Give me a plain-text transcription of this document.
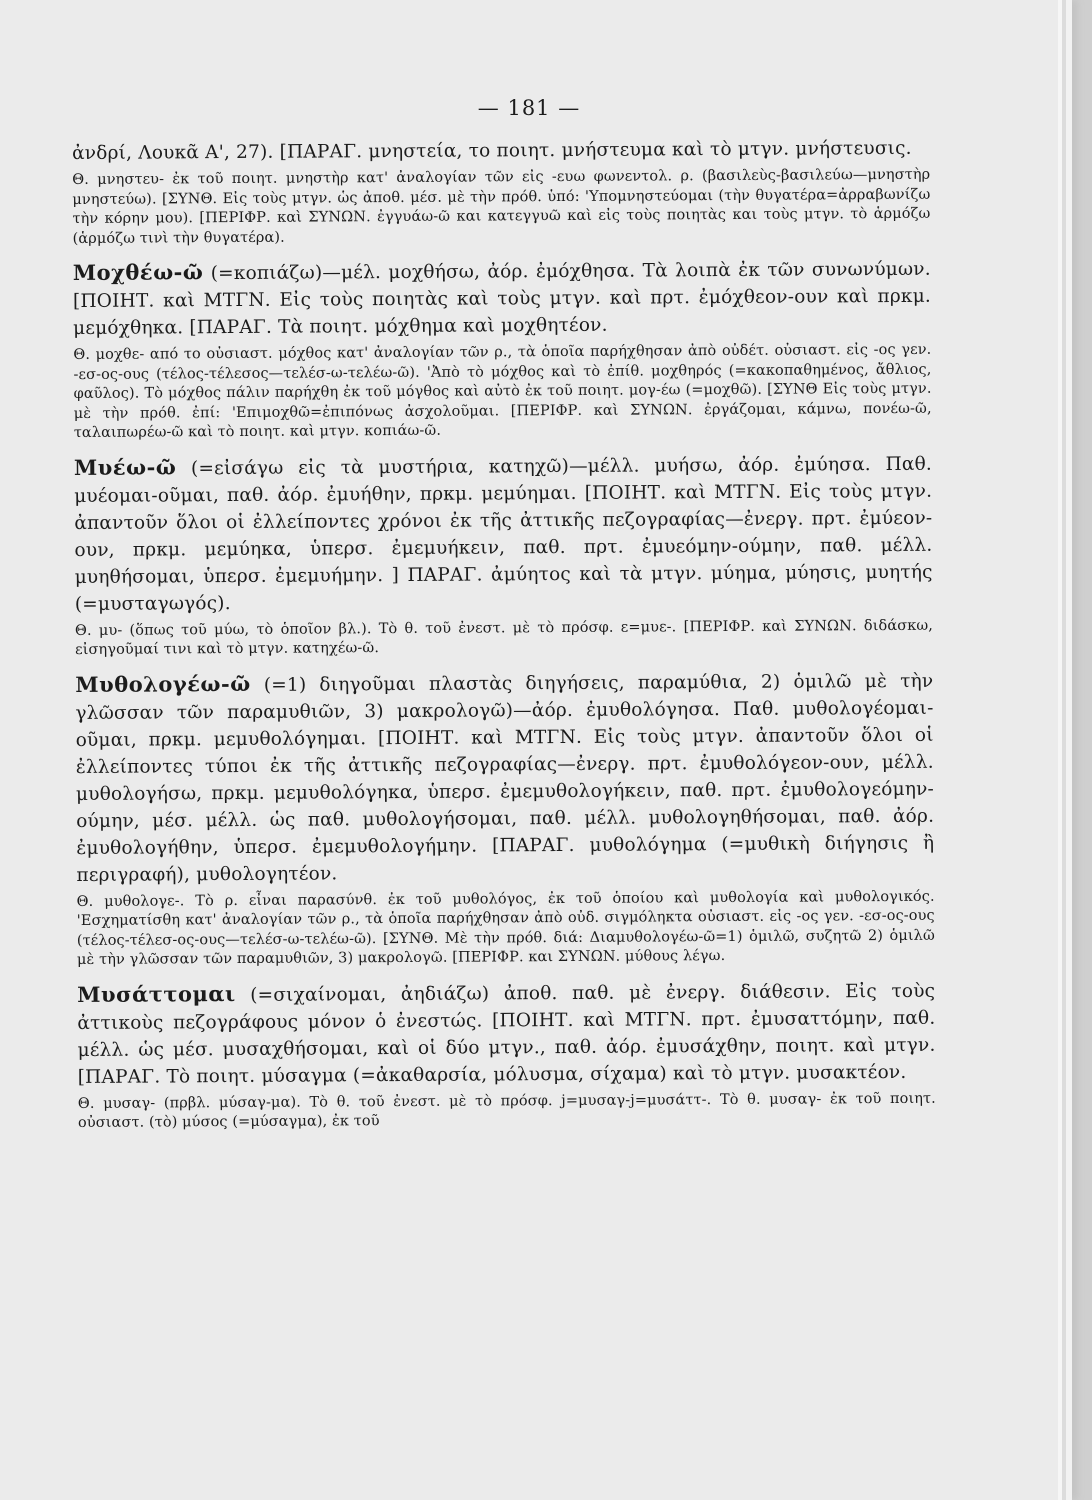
— 181 —
ἀνδρί, Λουκᾶ Α', 27). [ΠΑΡΑΓ. μνηστεία, το ποιητ. μνήστευμα καὶ τὸ μτγν. μνήστευσις.
Θ. μνηστευ- ἐκ τοῦ ποιητ. μνηστὴρ κατ' ἀναλογίαν τῶν εἰς -ευω φωνεντολ. ρ. (βασιλεὺς-βασιλεύω—μνηστὴρ μνηστεύω). [ΣΥΝΘ. Εἰς τοὺς μτγν. ὡς ἀποθ. μέσ. μὲ τὴν πρόθ. ὑπό: 'Υπομνηστεύομαι (τὴν θυγατέρα=ἀρραβωνίζω τὴν κόρην μου). [ΠΕΡΙΦΡ. καὶ ΣΥΝΩΝ. ἐγγυάω-ῶ και κατεγγυῶ καὶ εἰς τοὺς ποιητὰς και τοὺς μτγν. τὸ ἁρμόζω (ἁρμόζω τινὶ τὴν θυγατέρα).
Μοχθέω-ῶ (=κοπιάζω)—μέλ. μοχθήσω, ἀόρ. ἐμόχθησα. Τὰ λοιπὰ ἐκ τῶν συνωνύμων. [ΠΟΙΗΤ. καὶ ΜΤΓΝ. Εἰς τοὺς ποιητὰς καὶ τοὺς μτγν. καὶ πρτ. ἐμόχθεον-ουν καὶ πρκμ. μεμόχθηκα. [ΠΑΡΑΓ. Τὰ ποιητ. μόχθημα καὶ μοχθητέον.
Θ. μοχθε- από το οὐσιαστ. μόχθος κατ' ἀναλογίαν τῶν ρ., τὰ ὁποῖα παρήχθησαν ἀπὸ οὐδέτ. οὐσιαστ. εἰς -ος γεν. -εσ-ος-ους (τέλος-τέλεσος—τελέσ-ω-τελέω-ῶ). 'Ἀπὸ τὸ μόχθος καὶ τὸ ἐπίθ. μοχθηρός (=κακοπαθημένος, ἄθλιος, φαῦλος). Τὸ μόχθος πάλιν παρήχθη ἐκ τοῦ μόγθος καὶ αὐτὸ ἐκ τοῦ ποιητ. μογ-έω (=μοχθῶ). [ΣΥΝΘ Εἰς τοὺς μτγν. μὲ τὴν πρόθ. ἐπί: 'Επιμοχθῶ=ἐπιπόνως ἀσχολοῦμαι. [ΠΕΡΙΦΡ. καὶ ΣΥΝΩΝ. ἐργάζομαι, κάμνω, πονέω-ῶ, ταλαιπωρέω-ῶ καὶ τὸ ποιητ. καὶ μτγν. κοπιάω-ῶ.
Μυέω-ῶ (=εἰσάγω εἰς τὰ μυστήρια, κατηχῶ)—μέλλ. μυήσω, ἀόρ. ἐμύησα. Παθ. μυέομαι-οῦμαι, παθ. ἀόρ. ἐμυήθην, πρκμ. μεμύημαι. [ΠΟΙΗΤ. καὶ ΜΤΓΝ. Εἰς τοὺς μτγν. ἀπαντοῦν ὅλοι οἱ ἐλλείποντες χρόνοι ἐκ τῆς ἀττικῆς πεζογραφίας—ἐνεργ. πρτ. ἐμύεον-ουν, πρκμ. μεμύηκα, ὑπερσ. ἐμεμυήκειν, παθ. πρτ. ἐμυεόμην-ούμην, παθ. μέλλ. μυηθήσομαι, ὑπερσ. ἐμεμυήμην. ] ΠΑΡΑΓ. ἀμύητος καὶ τὰ μτγν. μύημα, μύησις, μυητής (=μυσταγωγός).
Θ. μυ- (ὅπως τοῦ μύω, τὸ ὁποῖον βλ.). Τὸ θ. τοῦ ἐνεστ. μὲ τὸ πρόσφ. ε=μυε-. [ΠΕΡΙΦΡ. καὶ ΣΥΝΩΝ. διδάσκω, εἰσηγοῦμαί τινι καὶ τὸ μτγν. κατηχέω-ῶ.
Μυθολογέω-ῶ (=1) διηγοῦμαι πλαστὰς διηγήσεις, παραμύθια, 2) ὁμιλῶ μὲ τὴν γλῶσσαν τῶν παραμυθιῶν, 3) μακρολογῶ)—ἀόρ. ἐμυθολόγησα. Παθ. μυθολογέομαι-οῦμαι, πρκμ. μεμυθολόγημαι. [ΠΟΙΗΤ. καὶ ΜΤΓΝ. Εἰς τοὺς μτγν. ἀπαντοῦν ὅλοι οἱ ἐλλείποντες τύποι ἐκ τῆς ἀττικῆς πεζογραφίας—ἐνεργ. πρτ. ἐμυθολόγεον-ουν, μέλλ. μυθολογήσω, πρκμ. μεμυθολόγηκα, ὑπερσ. ἐμεμυθολογήκειν, παθ. πρτ. ἐμυθολογεόμην-ούμην, μέσ. μέλλ. ὡς παθ. μυθολογήσομαι, παθ. μέλλ. μυθολογηθήσομαι, παθ. ἀόρ. ἐμυθολογήθην, ὑπερσ. ἐμεμυθολογήμην. [ΠΑΡΑΓ. μυθολόγημα (=μυθικὴ διήγησις ἢ περιγραφή), μυθολογητέον.
Θ. μυθολογε-. Τὸ ρ. εἶναι παρασύνθ. ἐκ τοῦ μυθολόγος, ἐκ τοῦ ὁποίου καὶ μυθολογία καὶ μυθολογικός. 'Εσχηματίσθη κατ' ἀναλογίαν τῶν ρ., τὰ ὁποῖα παρήχθησαν ἀπὸ οὐδ. σιγμόληκτα οὐσιαστ. εἰς -ος γεν. -εσ-ος-ους (τέλος-τέλεσ-ος-ους—τελέσ-ω-τελέω-ῶ). [ΣΥΝΘ. Μὲ τὴν πρόθ. διά: Διαμυθολογέω-ῶ=1) ὁμιλῶ, συζητῶ 2) ὁμιλῶ μὲ τὴν γλῶσσαν τῶν παραμυθιῶν, 3) μακρολογῶ. [ΠΕΡΙΦΡ. και ΣΥΝΩΝ. μύθους λέγω.
Μυσάττομαι (=σιχαίνομαι, ἀηδιάζω) ἀποθ. παθ. μὲ ἐνεργ. διάθεσιν. Εἰς τοὺς ἀττικοὺς πεζογράφους μόνον ὁ ἐνεστώς. [ΠΟΙΗΤ. καὶ ΜΤΓΝ. πρτ. ἐμυσαττόμην, παθ. μέλλ. ὡς μέσ. μυσαχθήσομαι, καὶ οἱ δύο μτγν., παθ. ἀόρ. ἐμυσάχθην, ποιητ. καὶ μτγν. [ΠΑΡΑΓ. Τὸ ποιητ. μύσαγμα (=ἀκαθαρσία, μόλυσμα, σίχαμα) καὶ τὸ μτγν. μυσακτέον.
Θ. μυσαγ- (πρβλ. μύσαγ-μα). Τὸ θ. τοῦ ἐνεστ. μὲ τὸ πρόσφ. j=μυσαγ-j=μυσάττ-. Τὸ θ. μυσαγ- ἐκ τοῦ ποιητ. οὐσιαστ. (τὸ) μύσος (=μύσαγμα), ἐκ τοῦ
